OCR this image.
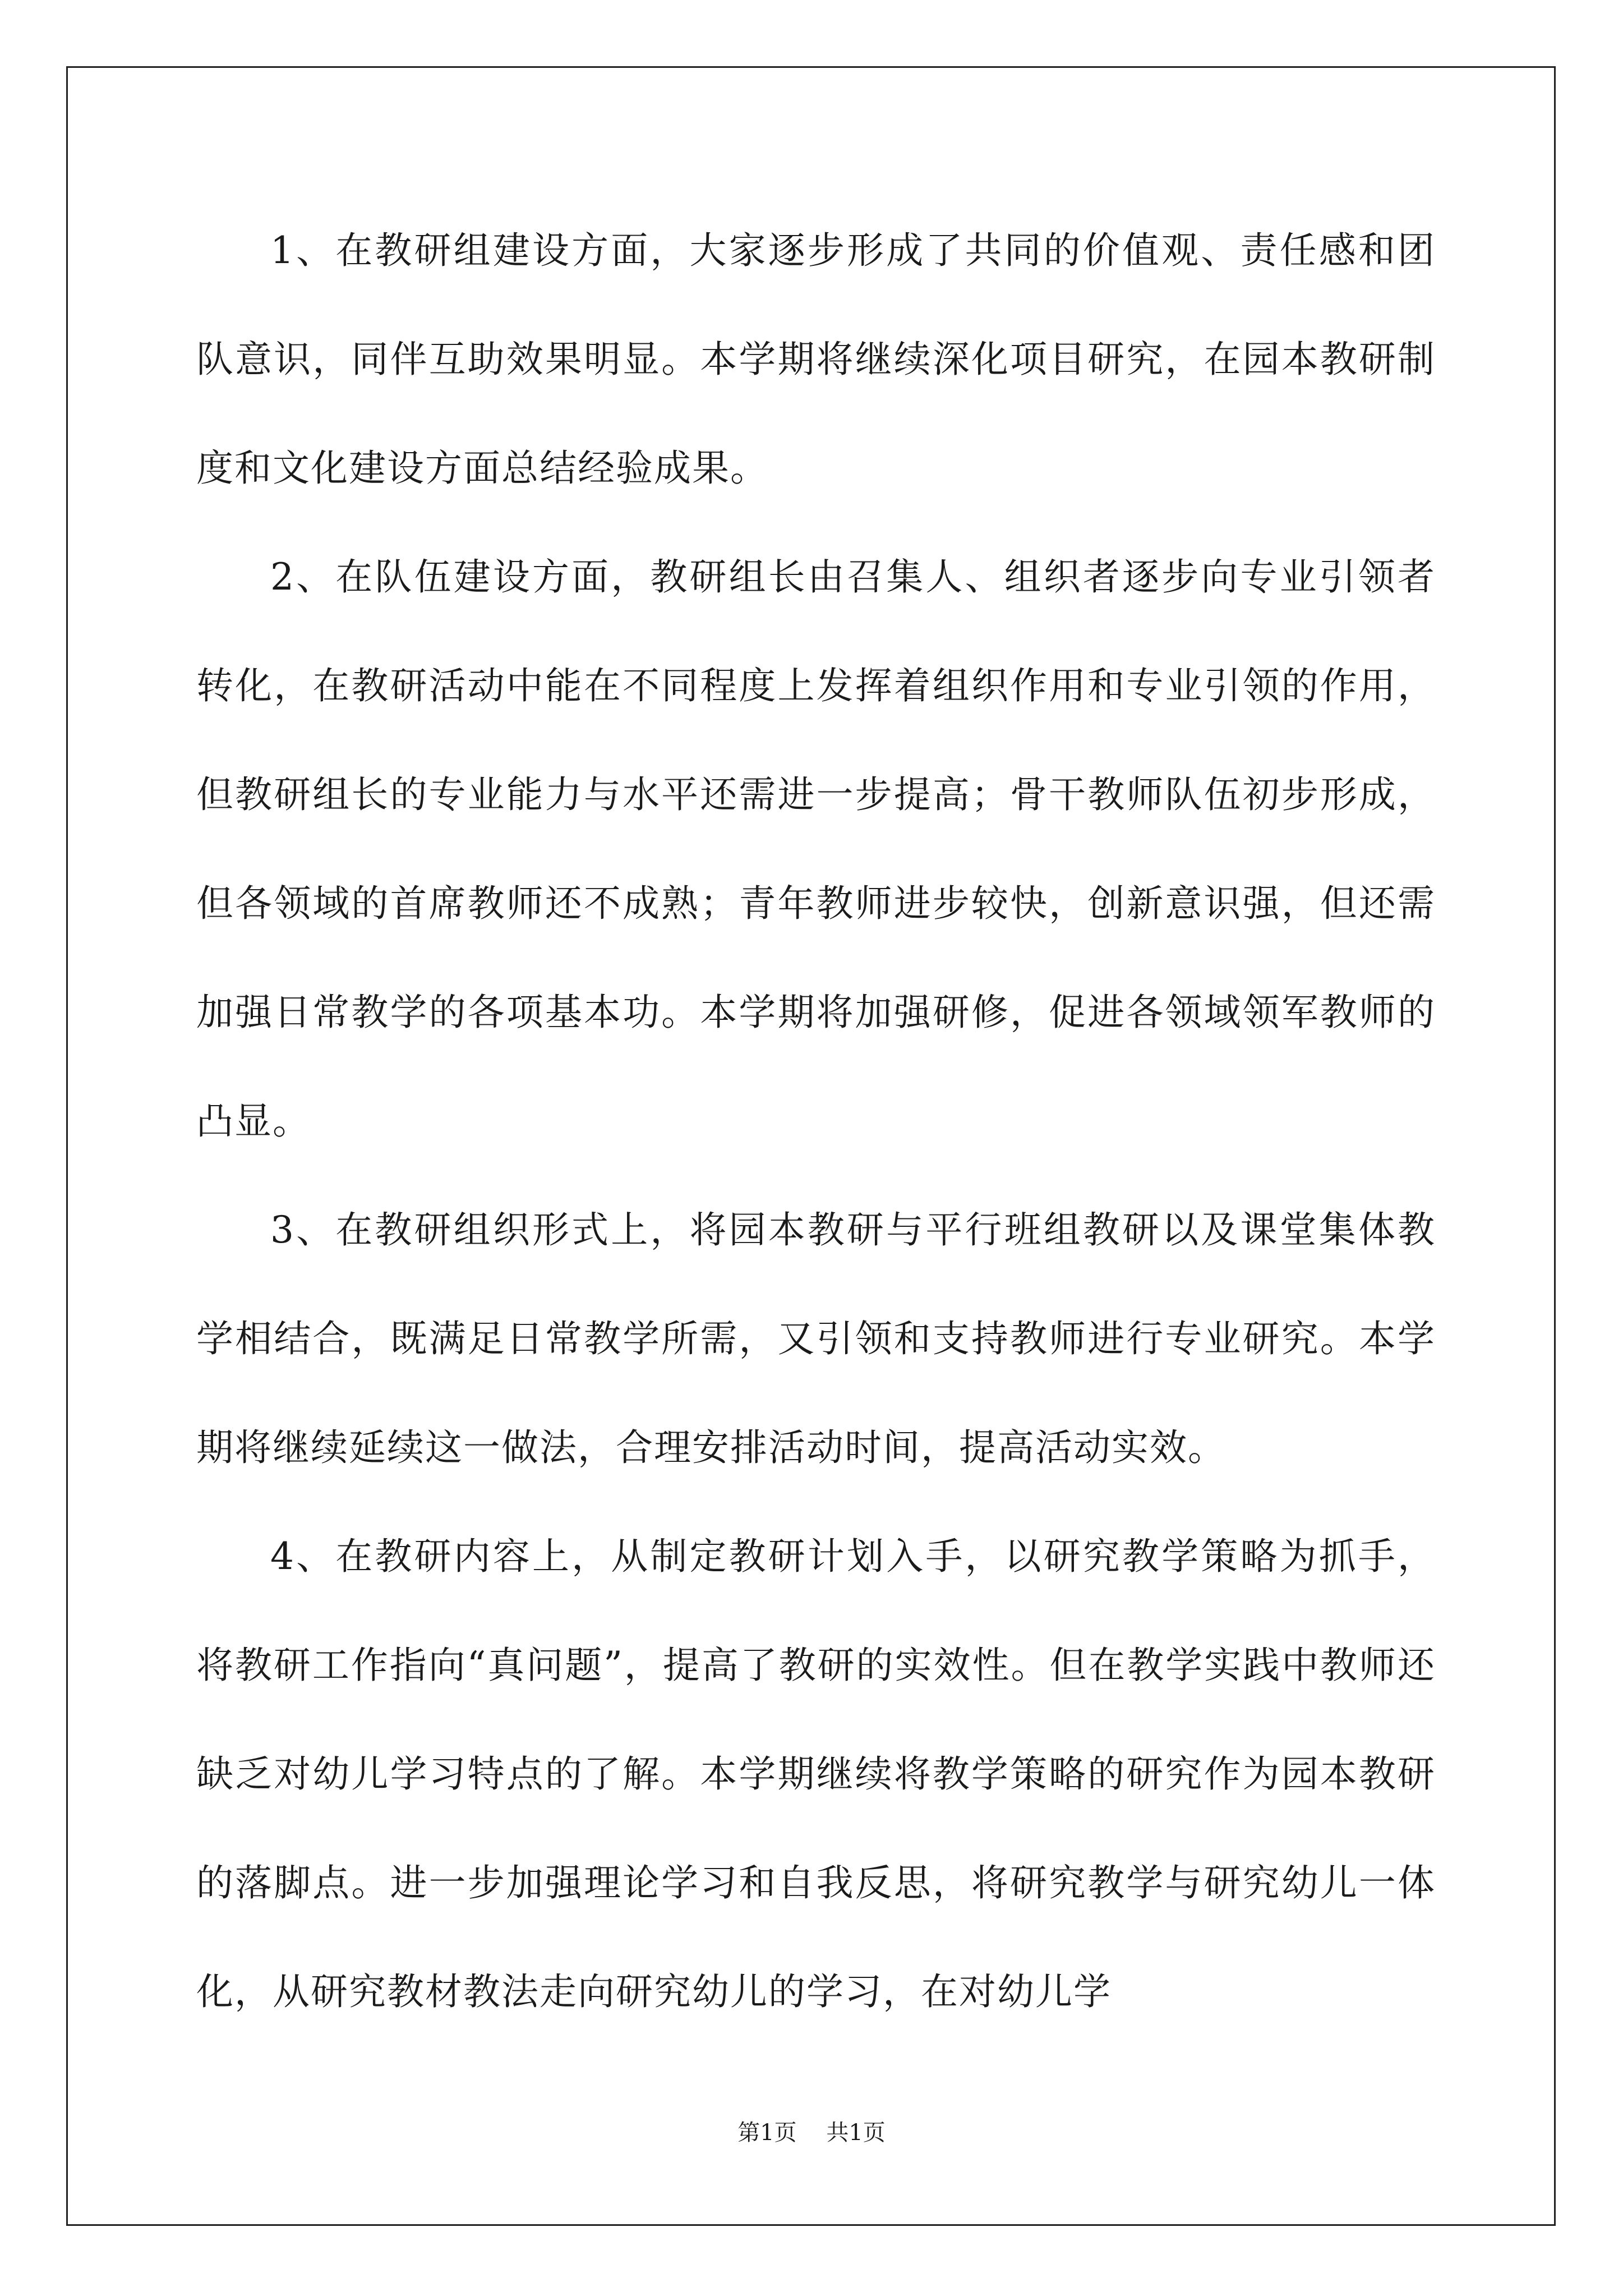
1、在教研组建设方面，大家逐步形成了共同的价值观、责任感和团队意识，同伴互助效果明显。本学期将继续深化项目研究，在园本教研制度和文化建设方面总结经验成果。

2、在队伍建设方面，教研组长由召集人、组织者逐步向专业引领者转化，在教研活动中能在不同程度上发挥着组织作用和专业引领的作用，但教研组长的专业能力与水平还需进一步提高；骨干教师队伍初步形成，但各领域的首席教师还不成熟；青年教师进步较快，创新意识强，但还需加强日常教学的各项基本功。本学期将加强研修，促进各领域领军教师的凸显。

3、在教研组织形式上，将园本教研与平行班组教研以及课堂集体教学相结合，既满足日常教学所需，又引领和支持教师进行专业研究。本学期将继续延续这一做法，合理安排活动时间，提高活动实效。

4、在教研内容上，从制定教研计划入手，以研究教学策略为抓手，将教研工作指向“真问题”，提高了教研的实效性。但在教学实践中教师还缺乏对幼儿学习特点的了解。本学期继续将教学策略的研究作为园本教研的落脚点。进一步加强理论学习和自我反思，将研究教学与研究幼儿一体化，从研究教材教法走向研究幼儿的学习，在对幼儿学

第1页 共1页
